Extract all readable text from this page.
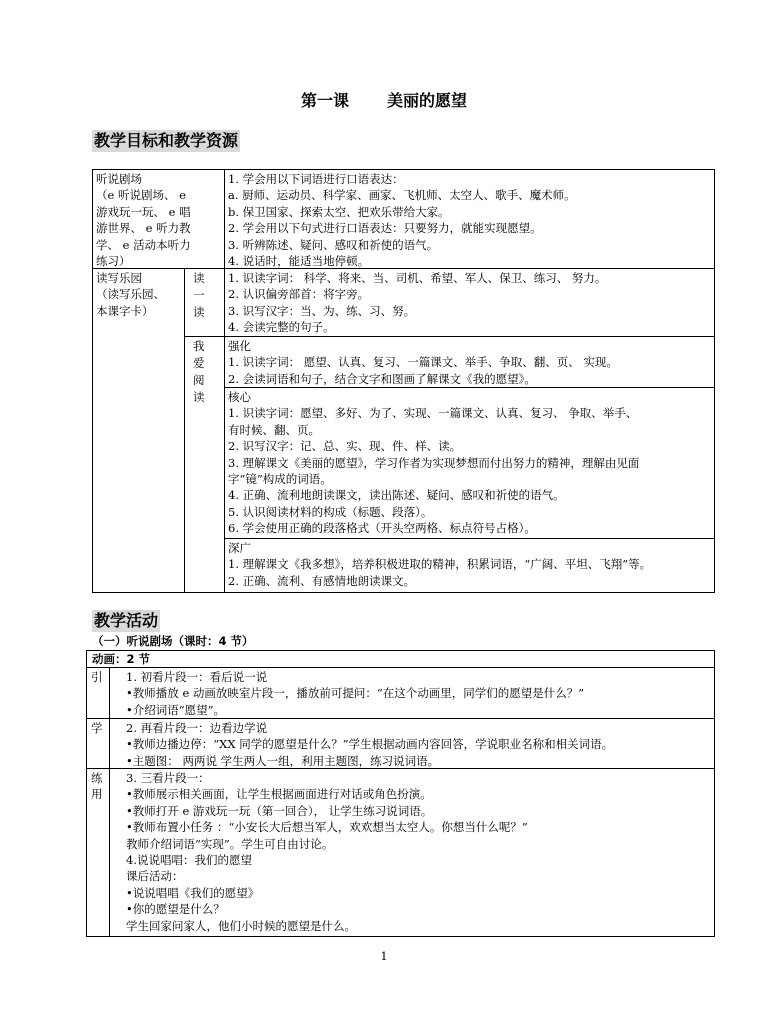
第一课 美丽的愿望
教学目标和教学资源
听说剧场
（e 听说剧场、 e
游戏玩一玩、 e 唱
游世界、 e 听力教
学、 e 活动本听力
练习）
1. 学会用以下词语进行口语表达：
a. 厨师、运动员、科学家、画家、飞机师、太空人、歌手、魔术师。
b. 保卫国家、探索太空、把欢乐带给大家。
2. 学会用以下句式进行口语表达：只要努力，就能实现愿望。
3. 听辨陈述、疑问、感叹和祈使的语气。
4. 说话时，能适当地停顿。
读写乐园
（读写乐园、
本课字卡）
读
一
读
1. 识读字词： 科学、将来、当、司机、希望、军人、保卫、练习、 努力。
2. 认识偏旁部首：将字旁。
3. 识写汉字：当、为、练、习、努。
4. 会读完整的句子。
我
爱
阅
读
强化
1. 识读字词： 愿望、认真、复习、一篇课文、举手、争取、翻、页、 实现。
2. 会读词语和句子，结合文字和图画了解课文《我的愿望》。
核心
1. 识读字词：愿望、多好、为了、实现、一篇课文、认真、复习、 争取、举手、
有时候、翻、页。
2. 识写汉字：记、总、实、现、件、样、读。
3. 理解课文《美丽的愿望》，学习作者为实现梦想而付出努力的精神，理解由见面
字“镜”构成的词语。
4. 正确、流利地朗读课文，读出陈述、疑问、感叹和祈使的语气。
5. 认识阅读材料的构成（标题、段落）。
6. 学会使用正确的段落格式（开头空两格、标点符号占格）。
深广
1. 理解课文《我多想》，培养积极进取的精神，积累词语，“广阔、平坦、飞翔”等。
2. 正确、流利、有感情地朗读课文。
教学活动
（一）听说剧场（课时：4 节）
动画：2 节
引 1. 初看片段一：看后说一说
•教师播放 e 动画放映室片段一，播放前可提问：“在这个动画里，同学们的愿望是什么？”
•介绍词语“愿望”。
学 2. 再看片段一：边看边学说
•教师边播边停：“XX 同学的愿望是什么？”学生根据动画内容回答，学说职业名称和相关词语。
•主题图： 两两说 学生两人一组，利用主题图，练习说词语。
练
用
3. 三看片段一：
•教师展示相关画面，让学生根据画面进行对话或角色扮演。
•教师打开 e 游戏玩一玩（第一回合）， 让学生练习说词语。
•教师布置小任务 ：“小安长大后想当军人，欢欢想当太空人。你想当什么呢？”
教师介绍词语“实现”。学生可自由讨论。
4.说说唱唱：我们的愿望
课后活动：
•说说唱唱《我们的愿望》
•你的愿望是什么？
学生回家问家人，他们小时候的愿望是什么。
1
